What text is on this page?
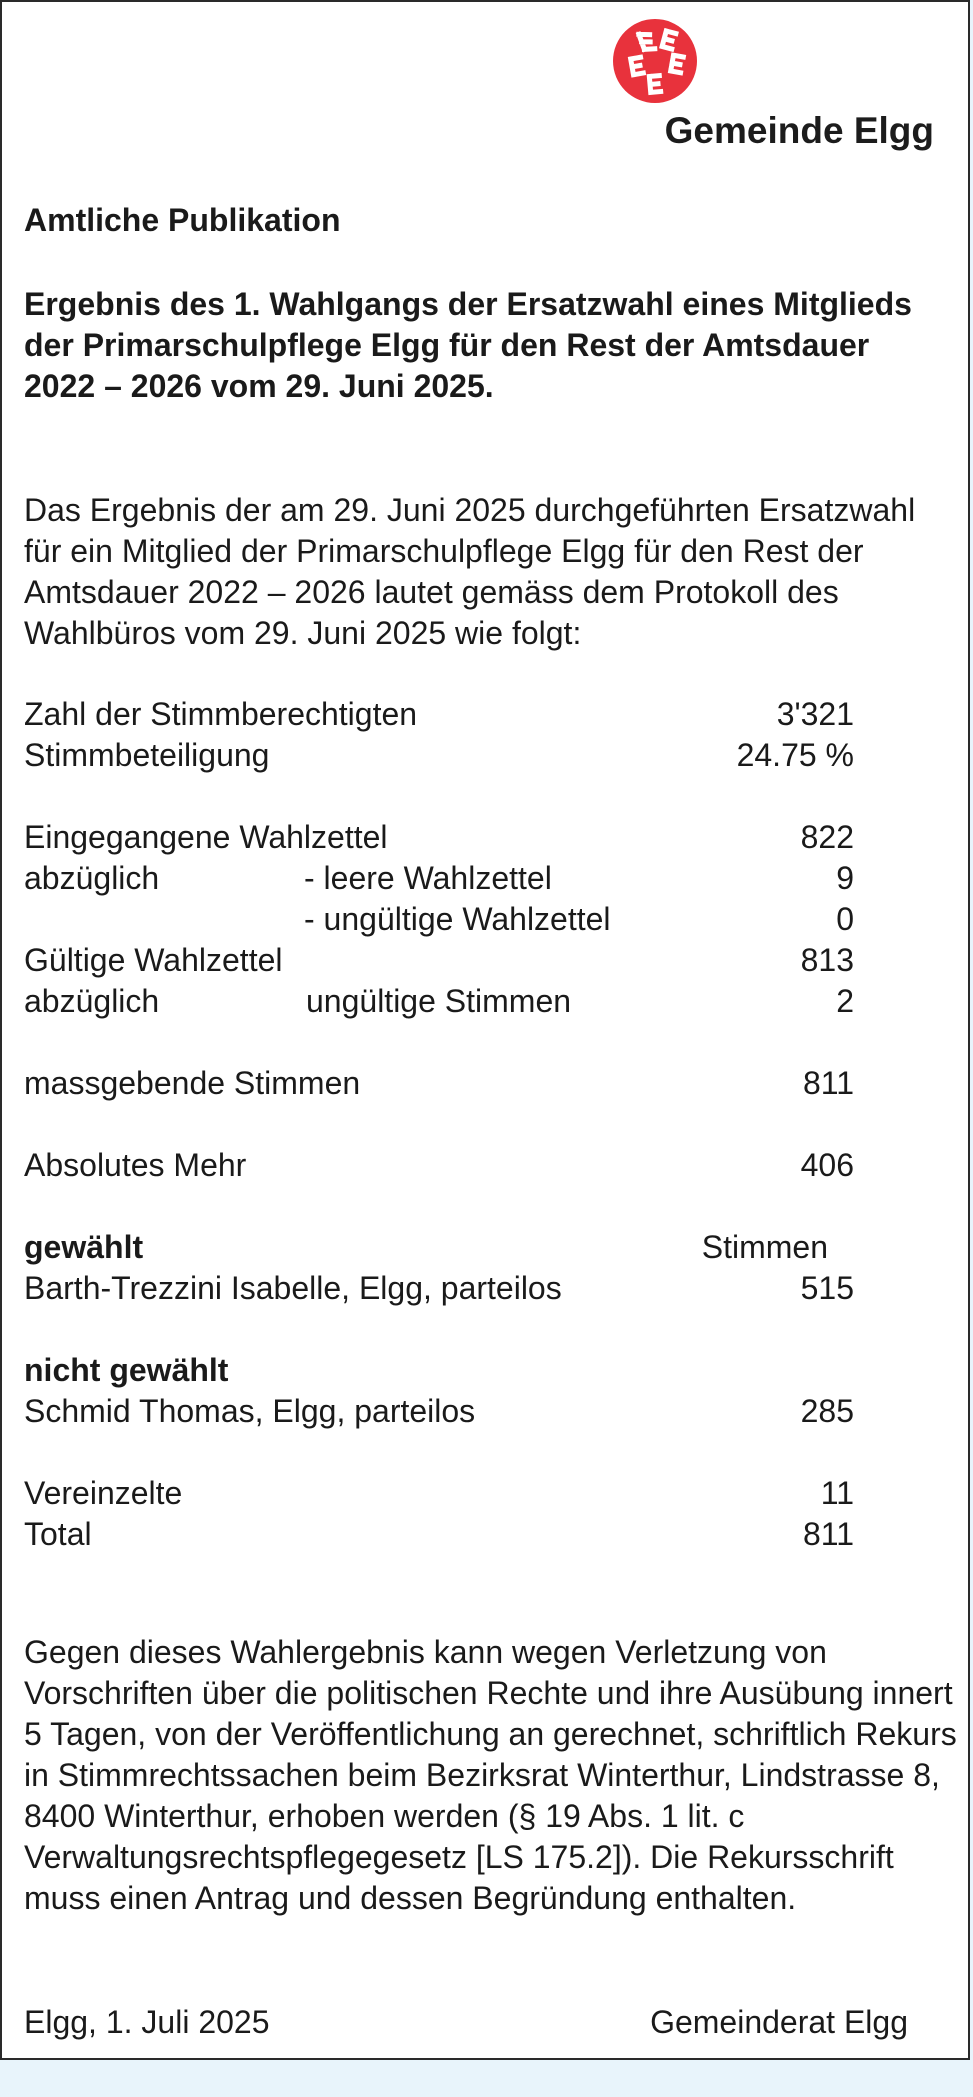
Gemeinde Elgg
Amtliche Publikation
Ergebnis des 1. Wahlgangs der Ersatzwahl eines Mitglieds der Primarschulpflege Elgg für den Rest der Amtsdauer 2022 – 2026 vom 29. Juni 2025.

Das Ergebnis der am 29. Juni 2025 durchgeführten Ersatzwahl für ein Mitglied der Primarschulpflege Elgg für den Rest der Amtsdauer 2022 – 2026 lautet gemäss dem Protokoll des Wahlbüros vom 29. Juni 2025 wie folgt:

Zahl der Stimmberechtigten	3'321
Stimmbeteiligung	24.75 %
Eingegangene Wahlzettel	822
abzüglich	- leere Wahlzettel	9
- ungültige Wahlzettel	0
Gültige Wahlzettel	813
abzüglich	ungültige Stimmen	2
massgebende Stimmen	811
Absolutes Mehr	406
gewählt	Stimmen
Barth-Trezzini Isabelle, Elgg, parteilos	515
nicht gewählt
Schmid Thomas, Elgg, parteilos	285
Vereinzelte	11
Total	811

Gegen dieses Wahlergebnis kann wegen Verletzung von Vorschriften über die politischen Rechte und ihre Ausübung innert 5 Tagen, von der Veröffentlichung an gerechnet, schriftlich Rekurs in Stimmrechtssachen beim Bezirksrat Winterthur, Lindstrasse 8, 8400 Winterthur, erhoben werden (§ 19 Abs. 1 lit. c Verwaltungsrechtspflegegesetz [LS 175.2]). Die Rekursschrift muss einen Antrag und dessen Begründung enthalten.

Elgg, 1. Juli 2025	Gemeinderat Elgg
